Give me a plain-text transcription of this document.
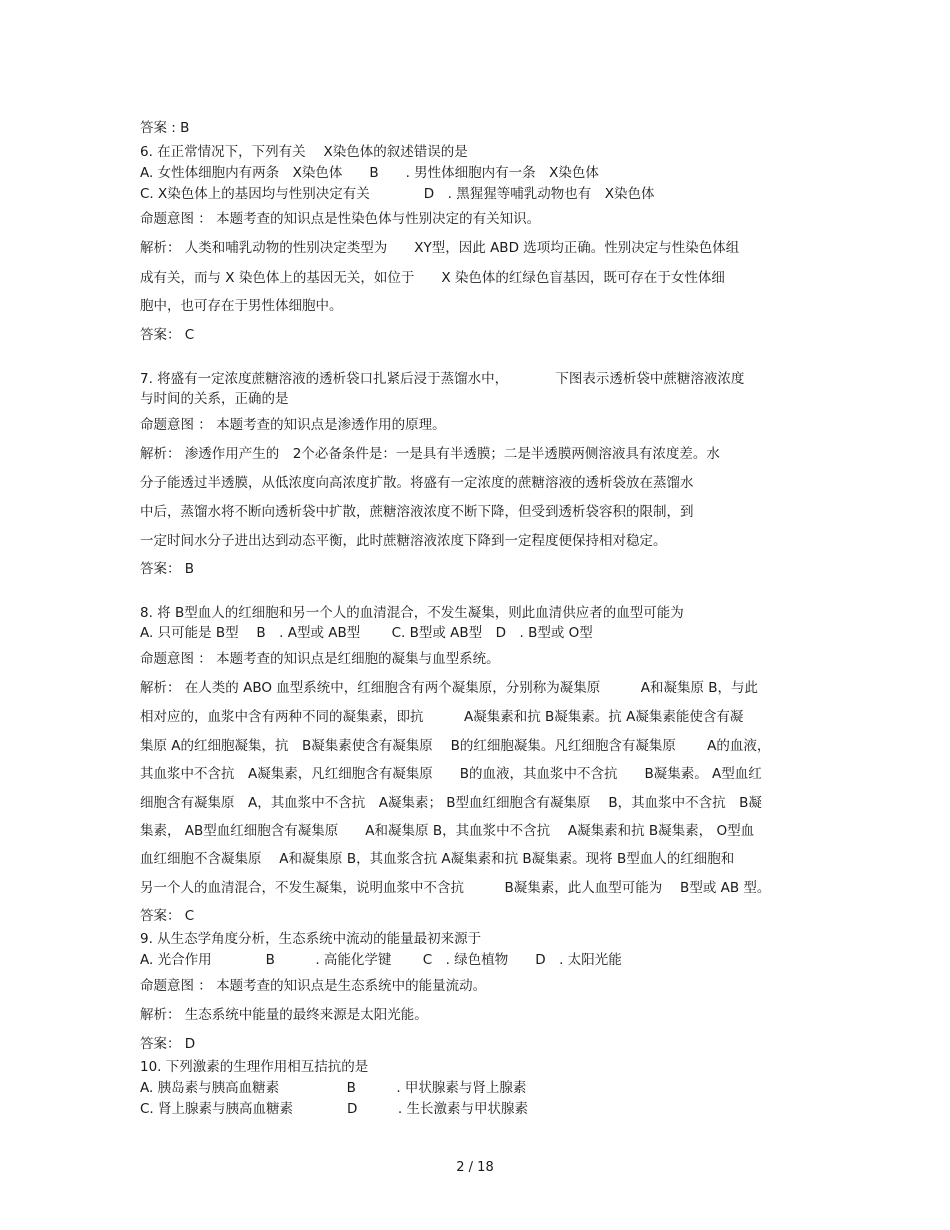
答案 : B
6. 在正常情况下，下列有关　 X染色体的叙述错误的是
A. 女性体细胞内有两条　X染色体　　B　　. 男性体细胞内有一条　X染色体
C. X染色体上的基因均与性别决定有关　　　　D　. 黑猩猩等哺乳动物也有　X染色体
命题意图 ： 本题考查的知识点是性染色体与性别决定的有关知识。
解析： 人类和哺乳动物的性别决定类型为　　XY型，因此 ABD 选项均正确。性别决定与性染色体组
成有关，而与 X 染色体上的基因无关，如位于　　X 染色体的红绿色盲基因，既可存在于女性体细
胞中，也可存在于男性体细胞中。
答案： C
7. 将盛有一定浓度蔗糖溶液的透析袋口扎紧后浸于蒸馏水中，　　　　下图表示透析袋中蔗糖溶液浓度
与时间的关系，正确的是
命题意图 ： 本题考查的知识点是渗透作用的原理。
解析： 渗透作用产生的　2个必备条件是：一是具有半透膜；二是半透膜两侧溶液具有浓度差。水
分子能透过半透膜，从低浓度向高浓度扩散。将盛有一定浓度的蔗糖溶液的透析袋放在蒸馏水
中后，蒸馏水将不断向透析袋中扩散，蔗糖溶液浓度不断下降，但受到透析袋容积的限制，到
一定时间水分子进出达到动态平衡，此时蔗糖溶液浓度下降到一定程度便保持相对稳定。
答案： B
8. 将 B型血人的红细胞和另一个人的血清混合，不发生凝集，则此血清供应者的血型可能为
A. 只可能是 B型　 B　. A型或 AB型　　 C. B型或 AB型　D　. B型或 O型
命题意图 ： 本题考查的知识点是红细胞的凝集与血型系统。
解析： 在人类的 ABO 血型系统中，红细胞含有两个凝集原，分别称为凝集原　　　A和凝集原 B，与此
相对应的，血浆中含有两种不同的凝集素，即抗　　　A凝集素和抗 B凝集素。抗 A凝集素能使含有凝
集原 A的红细胞凝集，抗　B凝集素使含有凝集原　 B的红细胞凝集。凡红细胞含有凝集原　　 A的血液，
其血浆中不含抗　A凝集素，凡红细胞含有凝集原　　B的血液，其血浆中不含抗　　B凝集素。 A型血红
细胞含有凝集原　A，其血浆中不含抗　A凝集素； B型血红细胞含有凝集原　 B，其血浆中不含抗　B凝
集素， AB型血红细胞含有凝集原　　A和凝集原 B，其血浆中不含抗　 A凝集素和抗 B凝集素， O型血
血红细胞不含凝集原　 A和凝集原 B，其血浆含抗 A凝集素和抗 B凝集素。现将 B型血人的红细胞和
另一个人的血清混合，不发生凝集，说明血浆中不含抗　　　B凝集素，此人血型可能为　 B型或 AB 型。
答案： C
9. 从生态学角度分析，生态系统中流动的能量最初来源于
A. 光合作用　　　　B　　　. 高能化学键　　 C　. 绿色植物　　D　. 太阳光能
命题意图 ： 本题考查的知识点是生态系统中的能量流动。
解析： 生态系统中能量的最终来源是太阳光能。
答案： D
10. 下列激素的生理作用相互拮抗的是
A. 胰岛素与胰高血糖素　　　　　B　　　. 甲状腺素与肾上腺素
C. 肾上腺素与胰高血糖素　　　　D　　　. 生长激素与甲状腺素
2 / 18
